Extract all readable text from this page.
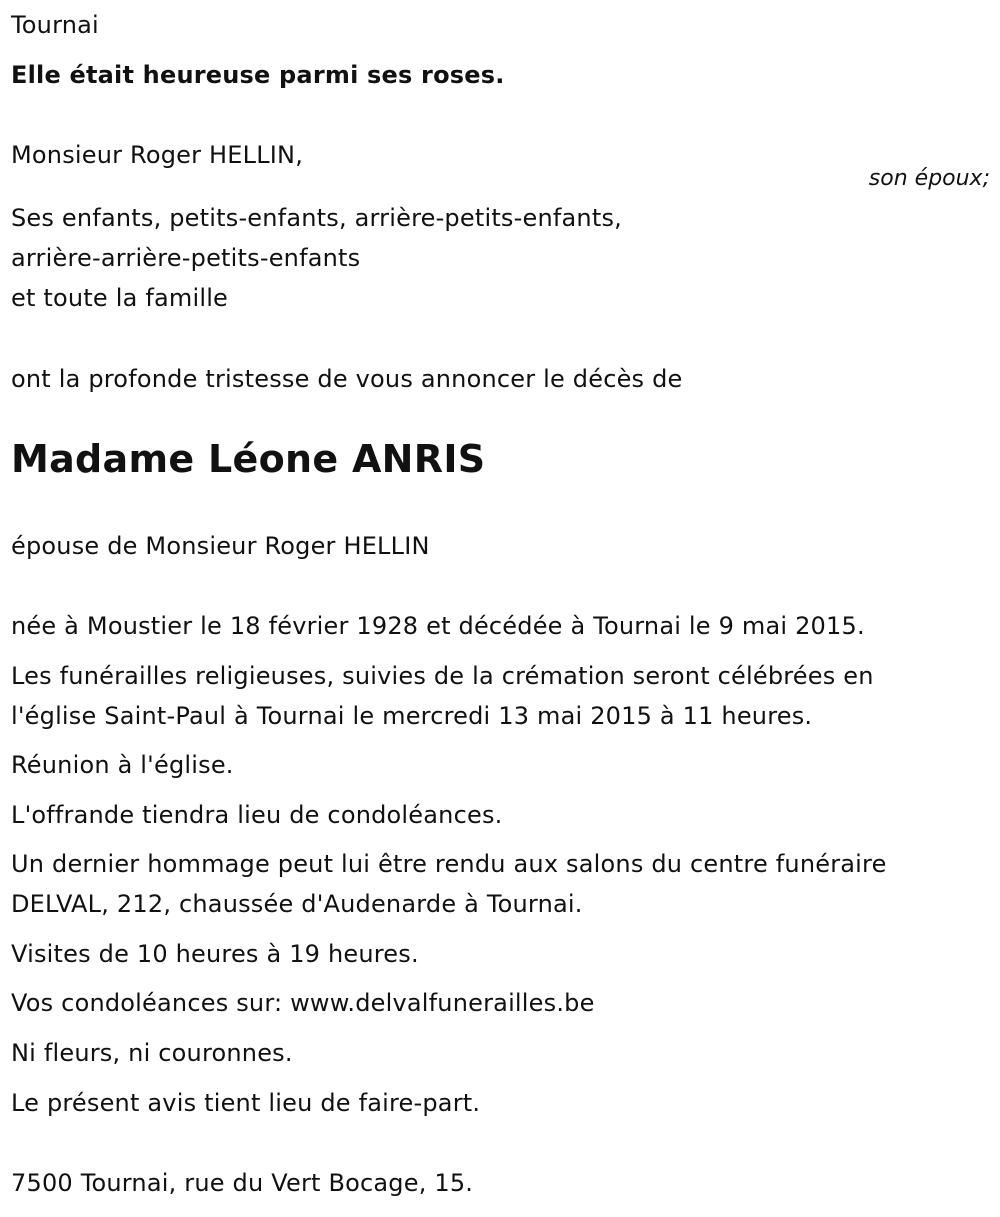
Tournai
Elle était heureuse parmi ses roses.
Monsieur Roger HELLIN,
son époux;
Ses enfants, petits-enfants, arrière-petits-enfants,
arrière-arrière-petits-enfants
et toute la famille
ont la profonde tristesse de vous annoncer le décès de
Madame Léone ANRIS
épouse de Monsieur Roger HELLIN
née à Moustier le 18 février 1928 et décédée à Tournai le 9 mai 2015.
Les funérailles religieuses, suivies de la crémation seront célébrées en
l'église Saint-Paul à Tournai le mercredi 13 mai 2015 à 11 heures.
Réunion à l'église.
L'offrande tiendra lieu de condoléances.
Un dernier hommage peut lui être rendu aux salons du centre funéraire
DELVAL, 212, chaussée d'Audenarde à Tournai.
Visites de 10 heures à 19 heures.
Vos condoléances sur: www.delvalfunerailles.be
Ni fleurs, ni couronnes.
Le présent avis tient lieu de faire-part.
7500 Tournai, rue du Vert Bocage, 15.
